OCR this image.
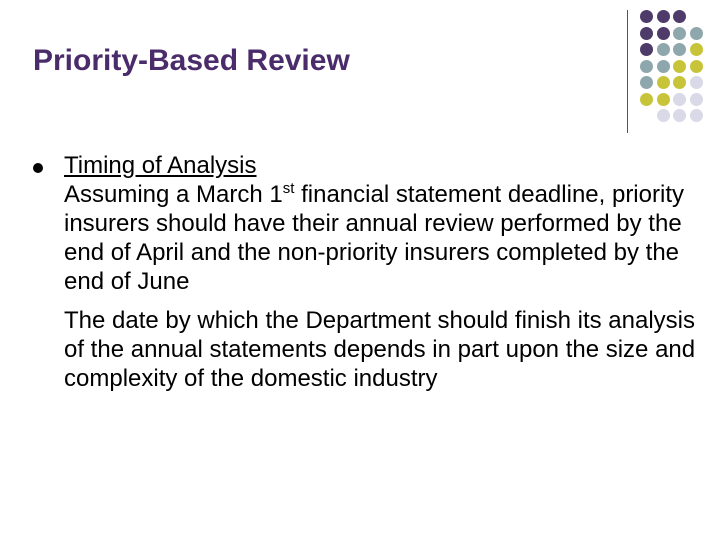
Priority-Based Review
Timing of Analysis
Assuming a March 1st financial statement deadline, priority insurers should have their annual review performed by the end of April and the non-priority insurers completed by the end of June
The date by which the Department should finish its analysis of the annual statements depends in part upon the size and complexity of the domestic industry
